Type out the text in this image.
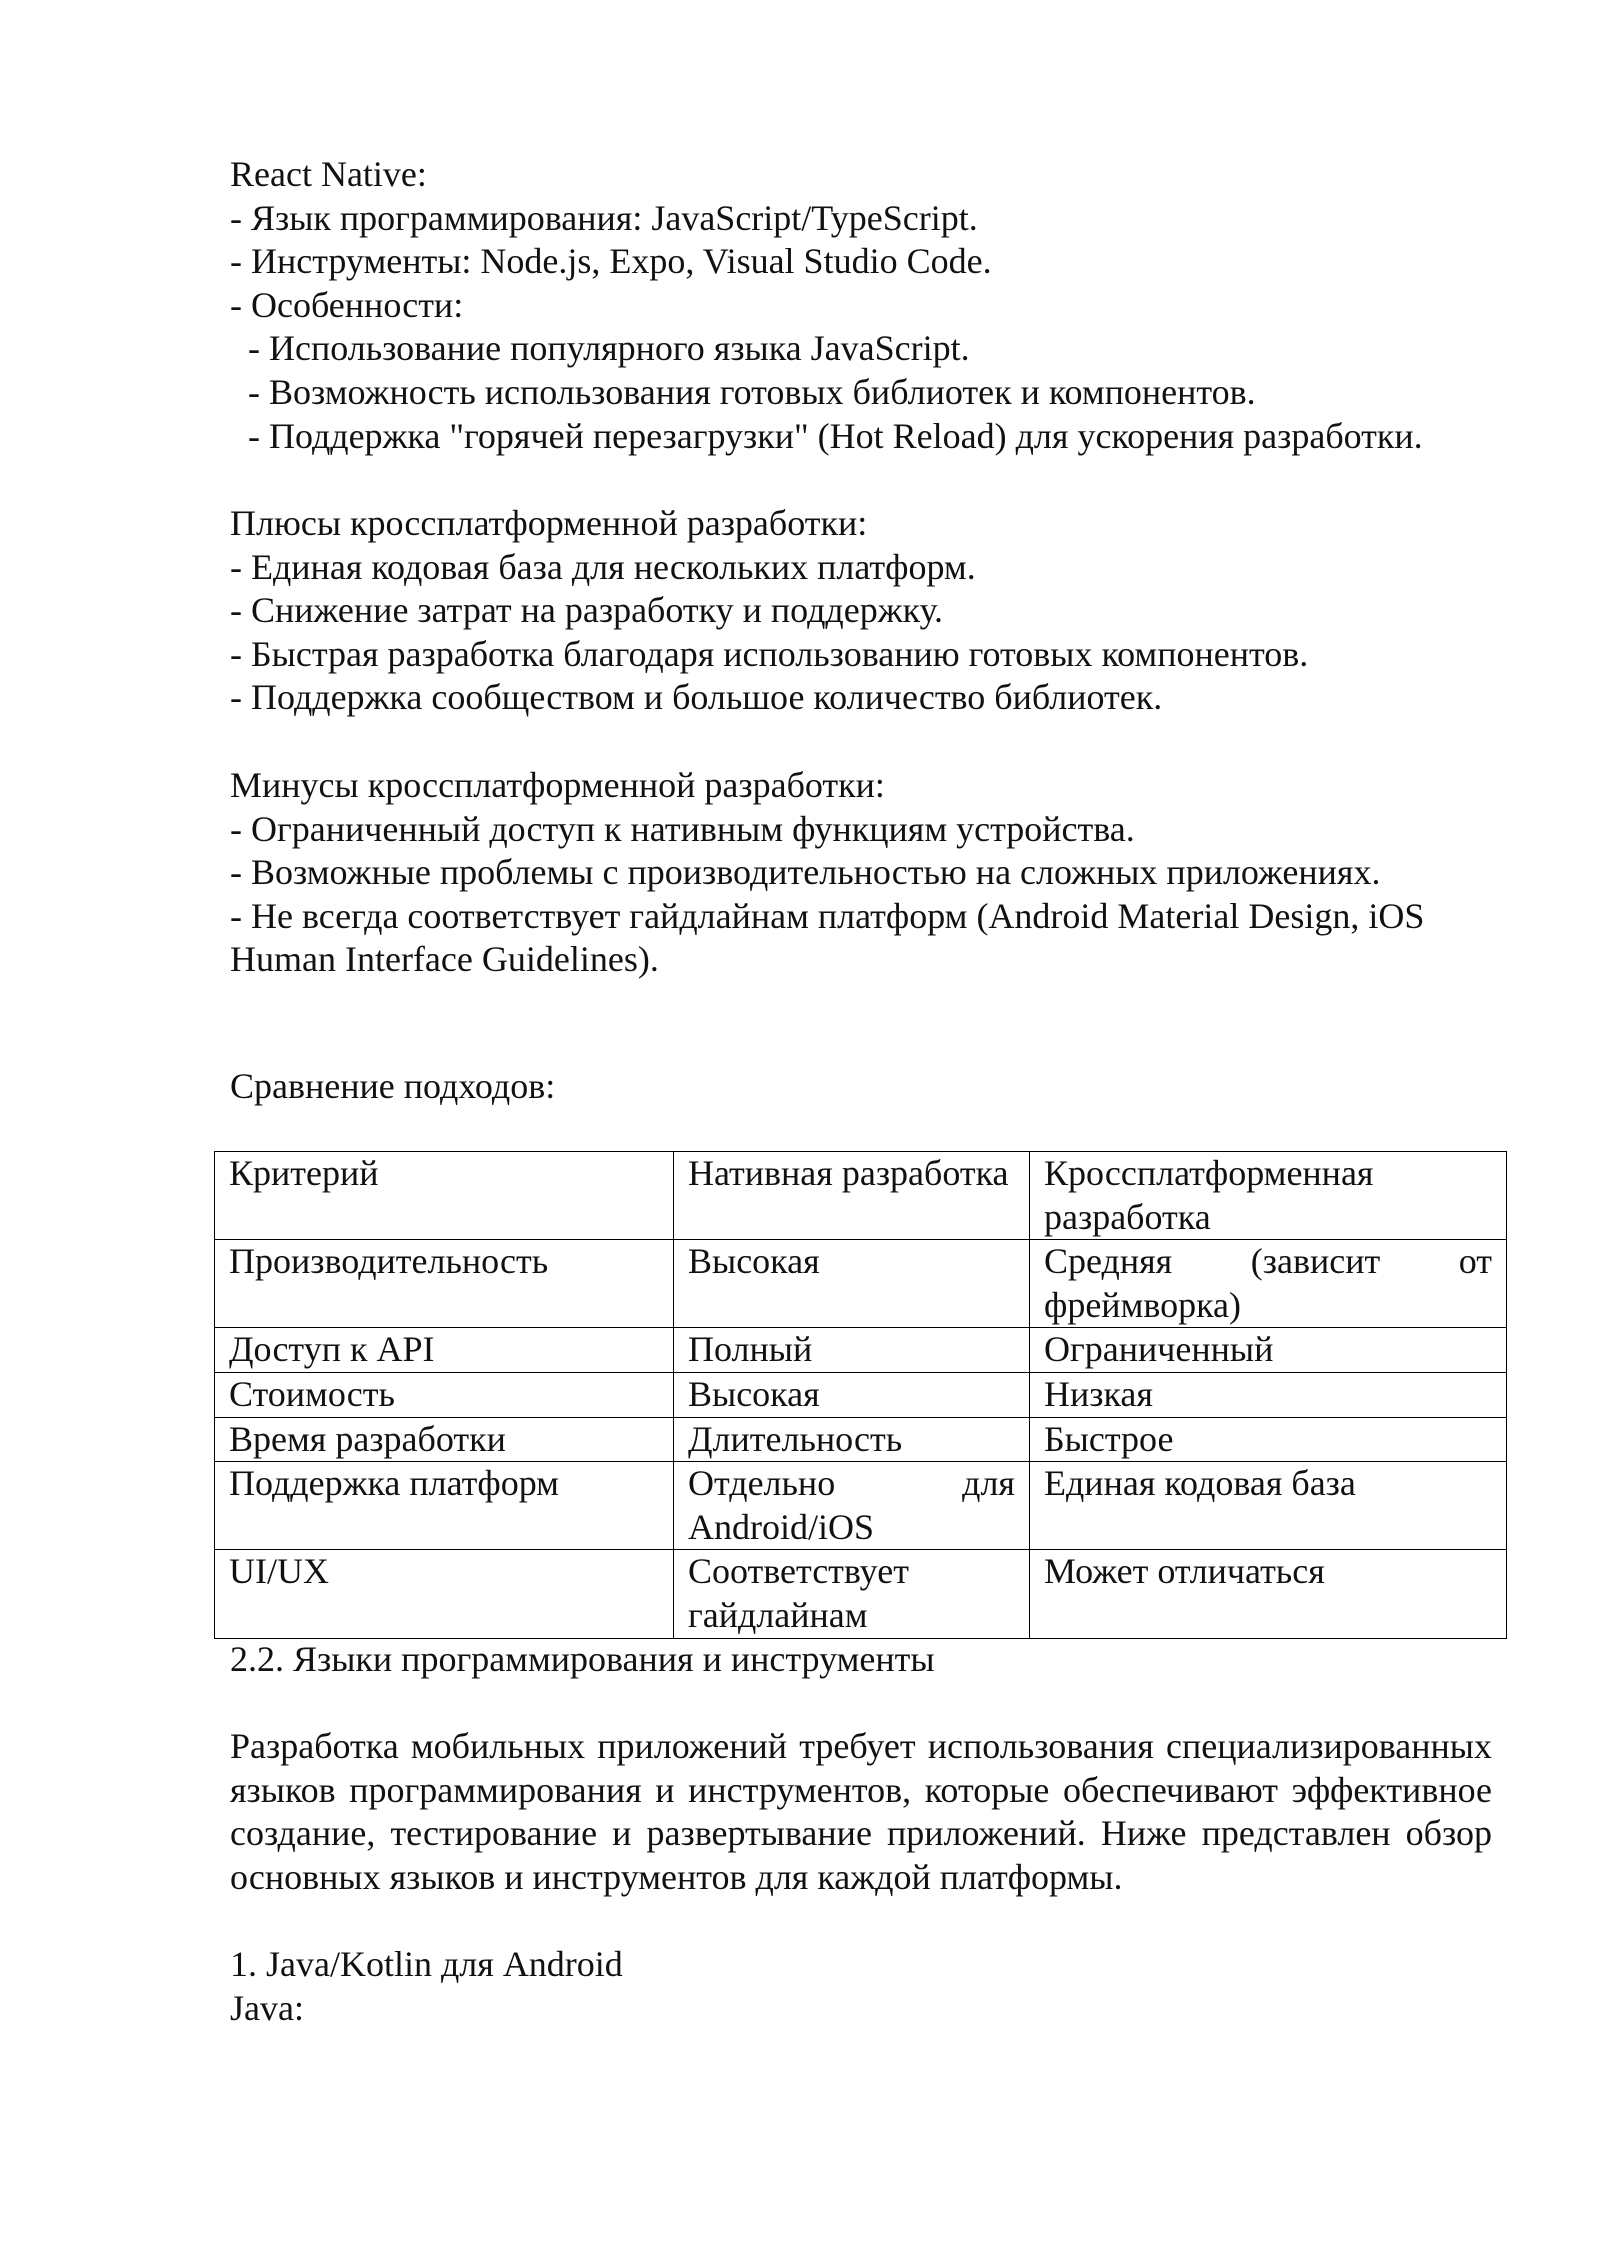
React Native:
- Язык программирования: JavaScript/TypeScript.
- Инструменты: Node.js, Expo, Visual Studio Code.
- Особенности:
- Использование популярного языка JavaScript.
- Возможность использования готовых библиотек и компонентов.
- Поддержка "горячей перезагрузки" (Hot Reload) для ускорения разработки.
Плюсы кроссплатформенной разработки:
- Единая кодовая база для нескольких платформ.
- Снижение затрат на разработку и поддержку.
- Быстрая разработка благодаря использованию готовых компонентов.
- Поддержка сообществом и большое количество библиотек.
Минусы кроссплатформенной разработки:
- Ограниченный доступ к нативным функциям устройства.
- Возможные проблемы с производительностью на сложных приложениях.
- Не всегда соответствует гайдлайнам платформ (Android Material Design, iOS Human Interface Guidelines).
Сравнение подходов:
Критерий	Нативная разработка	Кроссплатформенная разработка
Производительность	Высокая	Средняя (зависит от фреймворка)
Доступ к API	Полный	Ограниченный
Стоимость	Высокая	Низкая
Время разработки	Длительность	Быстрое
Поддержка платформ	Отдельно для Android/iOS	Единая кодовая база
UI/UX	Соответствует гайдлайнам	Может отличаться
2.2. Языки программирования и инструменты

Разработка мобильных приложений требует использования специализированных языков программирования и инструментов, которые обеспечивают эффективное создание, тестирование и развертывание приложений. Ниже представлен обзор основных языков и инструментов для каждой платформы.

1. Java/Kotlin для Android
Java:
